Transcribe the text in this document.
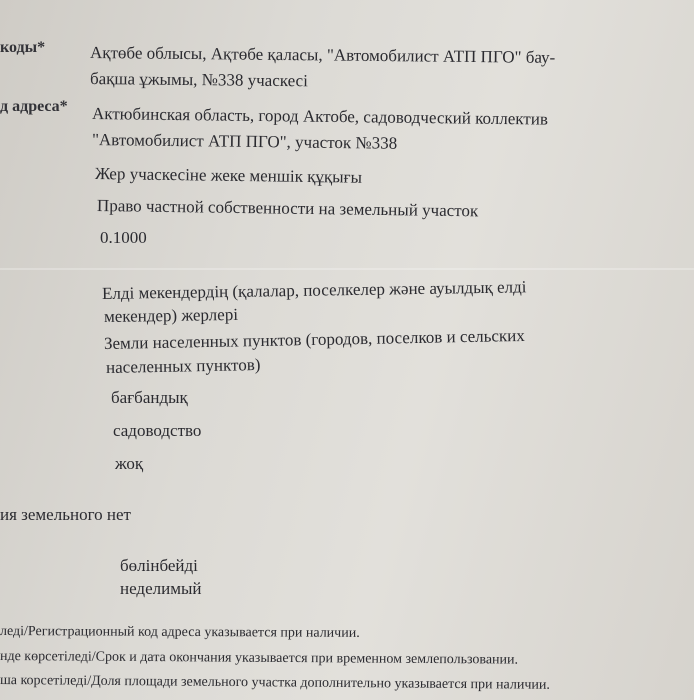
коды*	Ақтөбе облысы, Ақтөбе қаласы, "Автомобилист АТП ПГО" бау-
бақша ұжымы, №338 учаскесі
д адреса* Актюбинская область, город Актобе, садоводческий коллектив
"Автомобилист АТП ПГО", участок №338
Жер учаскесіне жеке меншік құқығы
Право частной собственности на земельный участок
0.1000
Елді мекендердің (қалалар, поселкелер және ауылдық елді
мекендер) жерлері
Земли населенных пунктов (городов, поселков и сельских
населенных пунктов)
бағбандық
садоводство
жоқ
ия земельного нет
бөлінбейді
неделимый
леді/Регистрационный код адреса указывается при наличии.
нде көрсетіледі/Срок и дата окончания указывается при временном землепользовании.
ша корсетіледі/Доля площади земельного участка дополнительно указывается при наличии.
